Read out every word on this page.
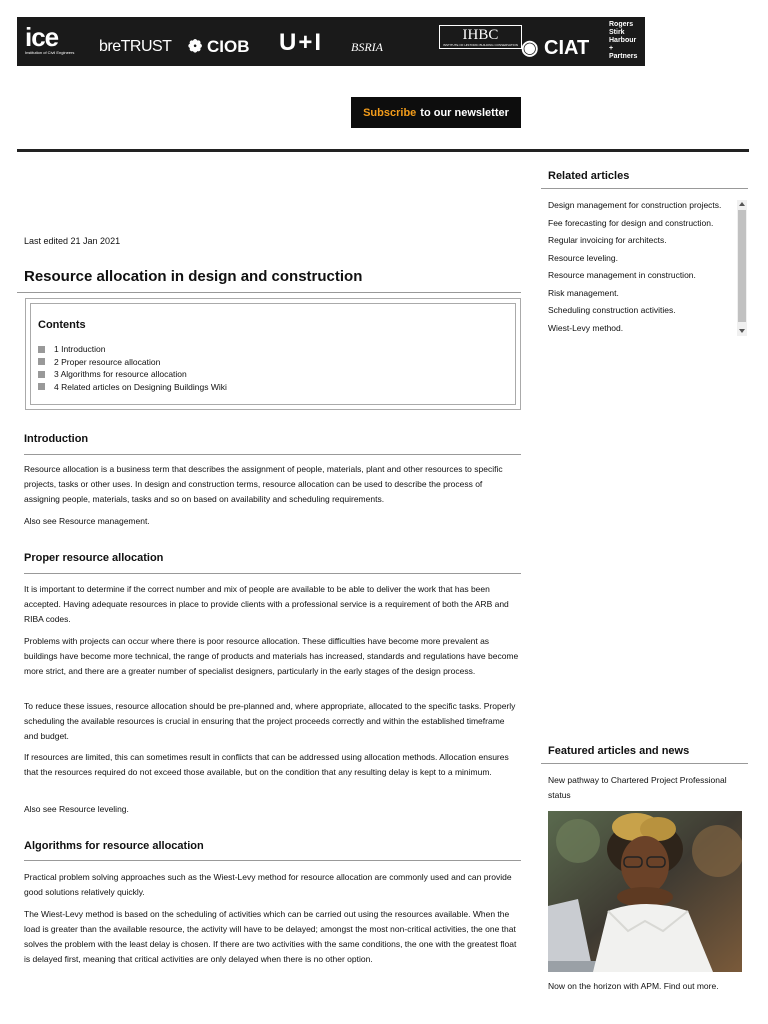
ice
Institution of Civil Engineers breTRUST ❁ CIOB U+I BSRIA
IHBC
INSTITUTE OF HISTORIC BUILDING CONSERVATION ◉ CIAT
Rogers Stirk Harbour + Partners
Subscribe to our newsletter
Last edited 21 Jan 2021
Resource allocation in design and construction
Contents
1 Introduction
2 Proper resource allocation
3 Algorithms for resource allocation
4 Related articles on Designing Buildings Wiki
Introduction

Resource allocation is a business term that describes the assignment of people, materials, plant and other resources to specific projects, tasks or other uses. In design and construction terms, resource allocation can be used to describe the process of assigning people, materials, tasks and so on based on availability and scheduling requirements.

Also see Resource management.

Proper resource allocation

It is important to determine if the correct number and mix of people are available to be able to deliver the work that has been accepted. Having adequate resources in place to provide clients with a professional service is a requirement of both the ARB and RIBA codes.

Problems with projects can occur where there is poor resource allocation. These difficulties have become more prevalent as buildings have become more technical, the range of products and materials has increased, standards and regulations have become more strict, and there are a greater number of specialist designers, particularly in the early stages of the design process.

To reduce these issues, resource allocation should be pre-planned and, where appropriate, allocated to the specific tasks. Properly scheduling the available resources is crucial in ensuring that the project proceeds correctly and within the established timeframe and budget.

If resources are limited, this can sometimes result in conflicts that can be addressed using allocation methods. Allocation ensures that the resources required do not exceed those available, but on the condition that any resulting delay is kept to a minimum.

Also see Resource leveling.

Algorithms for resource allocation

Practical problem solving approaches such as the Wiest-Levy method for resource allocation are commonly used and can provide good solutions relatively quickly.

The Wiest-Levy method is based on the scheduling of activities which can be carried out using the resources available. When the load is greater than the available resource, the activity will have to be delayed; amongst the most non-critical activities, the one that solves the problem with the least delay is chosen. If there are two activities with the same conditions, the one with the greatest float is delayed first, meaning that critical activities are only delayed when there is no other option.

Related articles
Design management for construction projects.
Fee forecasting for design and construction.
Regular invoicing for architects.
Resource leveling.
Resource management in construction.
Risk management.
Scheduling construction activities.
Wiest-Levy method.
Featured articles and news
New pathway to Chartered Project Professional status
Now on the horizon with APM. Find out more.
